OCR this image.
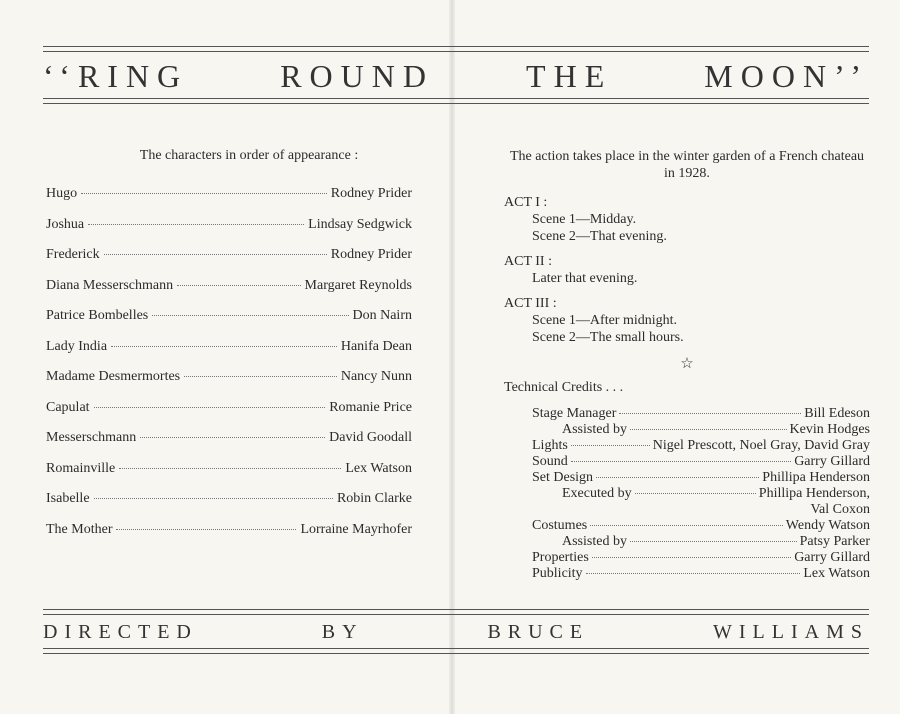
‘‘RING	ROUND	THE	MOON’’
The characters in order of appearance :
Hugo	Rodney Prider
Joshua	Lindsay Sedgwick
Frederick	Rodney Prider
Diana Messerschmann	Margaret Reynolds
Patrice Bombelles	Don Nairn
Lady India	Hanifa Dean
Madame Desmermortes	Nancy Nunn
Capulat	Romanie Price
Messerschmann	David Goodall
Romainville	Lex Watson
Isabelle	Robin Clarke
The Mother	Lorraine Mayrhofer
The action takes place in the winter garden of a French chateau in 1928.
ACT I :
Scene 1—Midday.
Scene 2—That evening.
ACT II :
Later that evening.
ACT III :
Scene 1—After midnight.
Scene 2—The small hours.
☆
Technical Credits . . .
Stage Manager	Bill Edeson
Assisted by	Kevin Hodges
Lights	Nigel Prescott, Noel Gray, David Gray
Sound	Garry Gillard
Set Design	Phillipa Henderson
Executed by	Phillipa Henderson,
Val Coxon
Costumes	Wendy Watson
Assisted by	Patsy Parker
Properties	Garry Gillard
Publicity	Lex Watson
DIRECTED	BY	BRUCE	WILLIAMS
